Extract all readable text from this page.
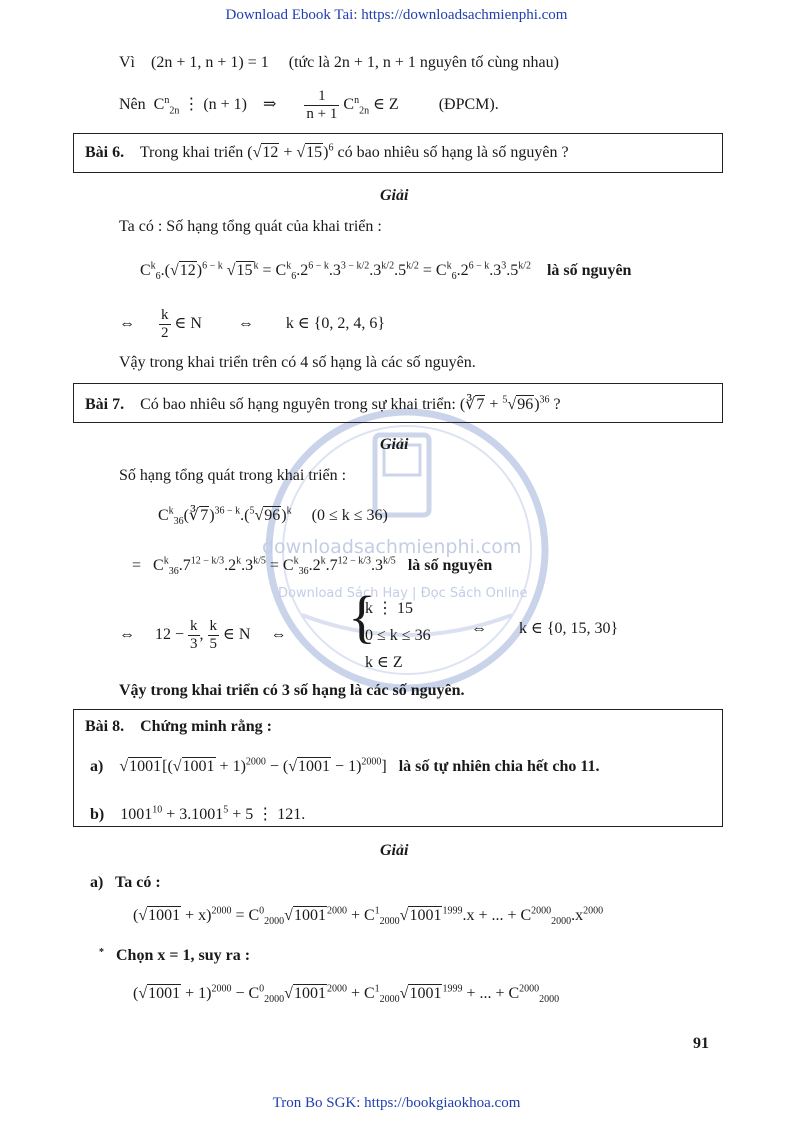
Download Ebook Tai: https://downloadsachmienphi.com
downloadsachmienphi.com
Download Sách Hay | Đọc Sách Online
Vì (2n + 1, n + 1) = 1 (tức là 2n + 1, n + 1 nguyên tố cùng nhau)
Nên $C^n_{2n}$ ⋮ (n + 1) ⇒ $\frac{1}{n + 1} C^n_{2n}$ ∈ Z	(ĐPCM).
Bài 6. Trong khai triển $(√12 + √15)^6$ có bao nhiêu số hạng là số nguyên ?
Giải
Ta có : Số hạng tổng quát của khai triển :
$C^k_6.(√12)^{6 - k}$ $√15^k = C^k_6.2^{6 - k}.3^{3 - k/2}.3^{k/2}.5^{k/2} = C^k_6.2^{6 - k}.3^3.5^{k/2}$ là số nguyên
⇔ $\frac{k}{2}$ ∈ N ⇔ k ∈ {0, 2, 4, 6}
Vậy trong khai triển trên có 4 số hạng là các số nguyên.
Bài 7. Có bao nhiêu số hạng nguyên trong sự khai triển: (∛7 + $^5$√96)$^{36}$ ?
Giải
Số hạng tổng quát trong khai triển :
$C^k_{36}(∛7)^{36 - k}.(^5√96)^k$ (0 ≤ k ≤ 36)
=   $C^k_{36}.7^{12 - k/3}.2^k.3^{k/5} = C^k_{36}.2^k.7^{12 - k/3}.3^{k/5}$ là số nguyên
⇔     $12 - \frac{k}{3}$ , $\frac{k}{5}$ ∈ N ⇔ {
k ⋮ 15
0 ≤ k ≤ 36
k ∈ Z
⇔ k ∈ {0, 15, 30}
Vậy trong khai triển có 3 số hạng là các số nguyên.
Bài 8. Chứng minh rằng :
a)    $√1001[(√1001 + 1)^{2000} - (√1001 - 1)^{2000}]$   là số tự nhiên chia hết cho 11.
b) $1001^{10} + 3.1001^5 + 5$ ⋮ 121.
Giải
a) Ta có :
$(√1001 + x)^{2000} = C^0_{2000}√1001^{2000} + C^1_{2000}√1001^{1999}.x$ + ... + $C^{2000}_{2000}.x^{2000}$
* Chọn x = 1, suy ra :
$(√1001 + 1)^{2000} - C^0_{2000}√1001^{2000} + C^1_{2000}√1001^{1999}$ + ... + $C^{2000}_{2000}$
91
Tron Bo SGK: https://bookgiaokhoa.com
